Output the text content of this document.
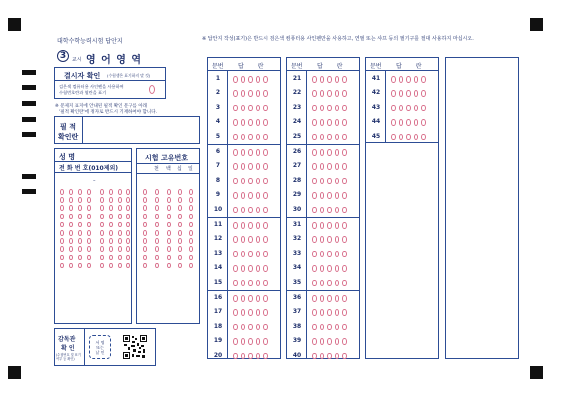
대학수학능력시험 답안지
3	교시 영 어 영 역
※ 답안지 작성(표기)은 반드시 검은색 컴퓨터용 사인펜만을 사용하고, 연필 또는 샤프 등의 필기구를 절대 사용하지 마십시오.
결시자 확인 (수험생은 표기하지 말 것)
검은색 컴퓨터용 사인펜을 사용하여
수험번호란과 옆란을 표기
※ 문제지 표지에 안내된 필적 확인 문구를 아래
'필적 확인란'에 정자로 반드시 기재하여야 합니다.
필 적
확인란
성 명
전 화 번 호(010제외)
–
시험 고유번호
천 백 십 일
감독관
확 인
(수험번호 및 표기 여부 등 확인)
서 명
또는
날 인
문번 답 란
1
2
3
4
5
6
7
8
9
10
11
12
13
14
15
16
17
18
19
20
문번 답 란
21
22
23
24
25
26
27
28
29
30
31
32
33
34
35
36
37
38
39
40
문번 답 란
41
42
43
44
45
